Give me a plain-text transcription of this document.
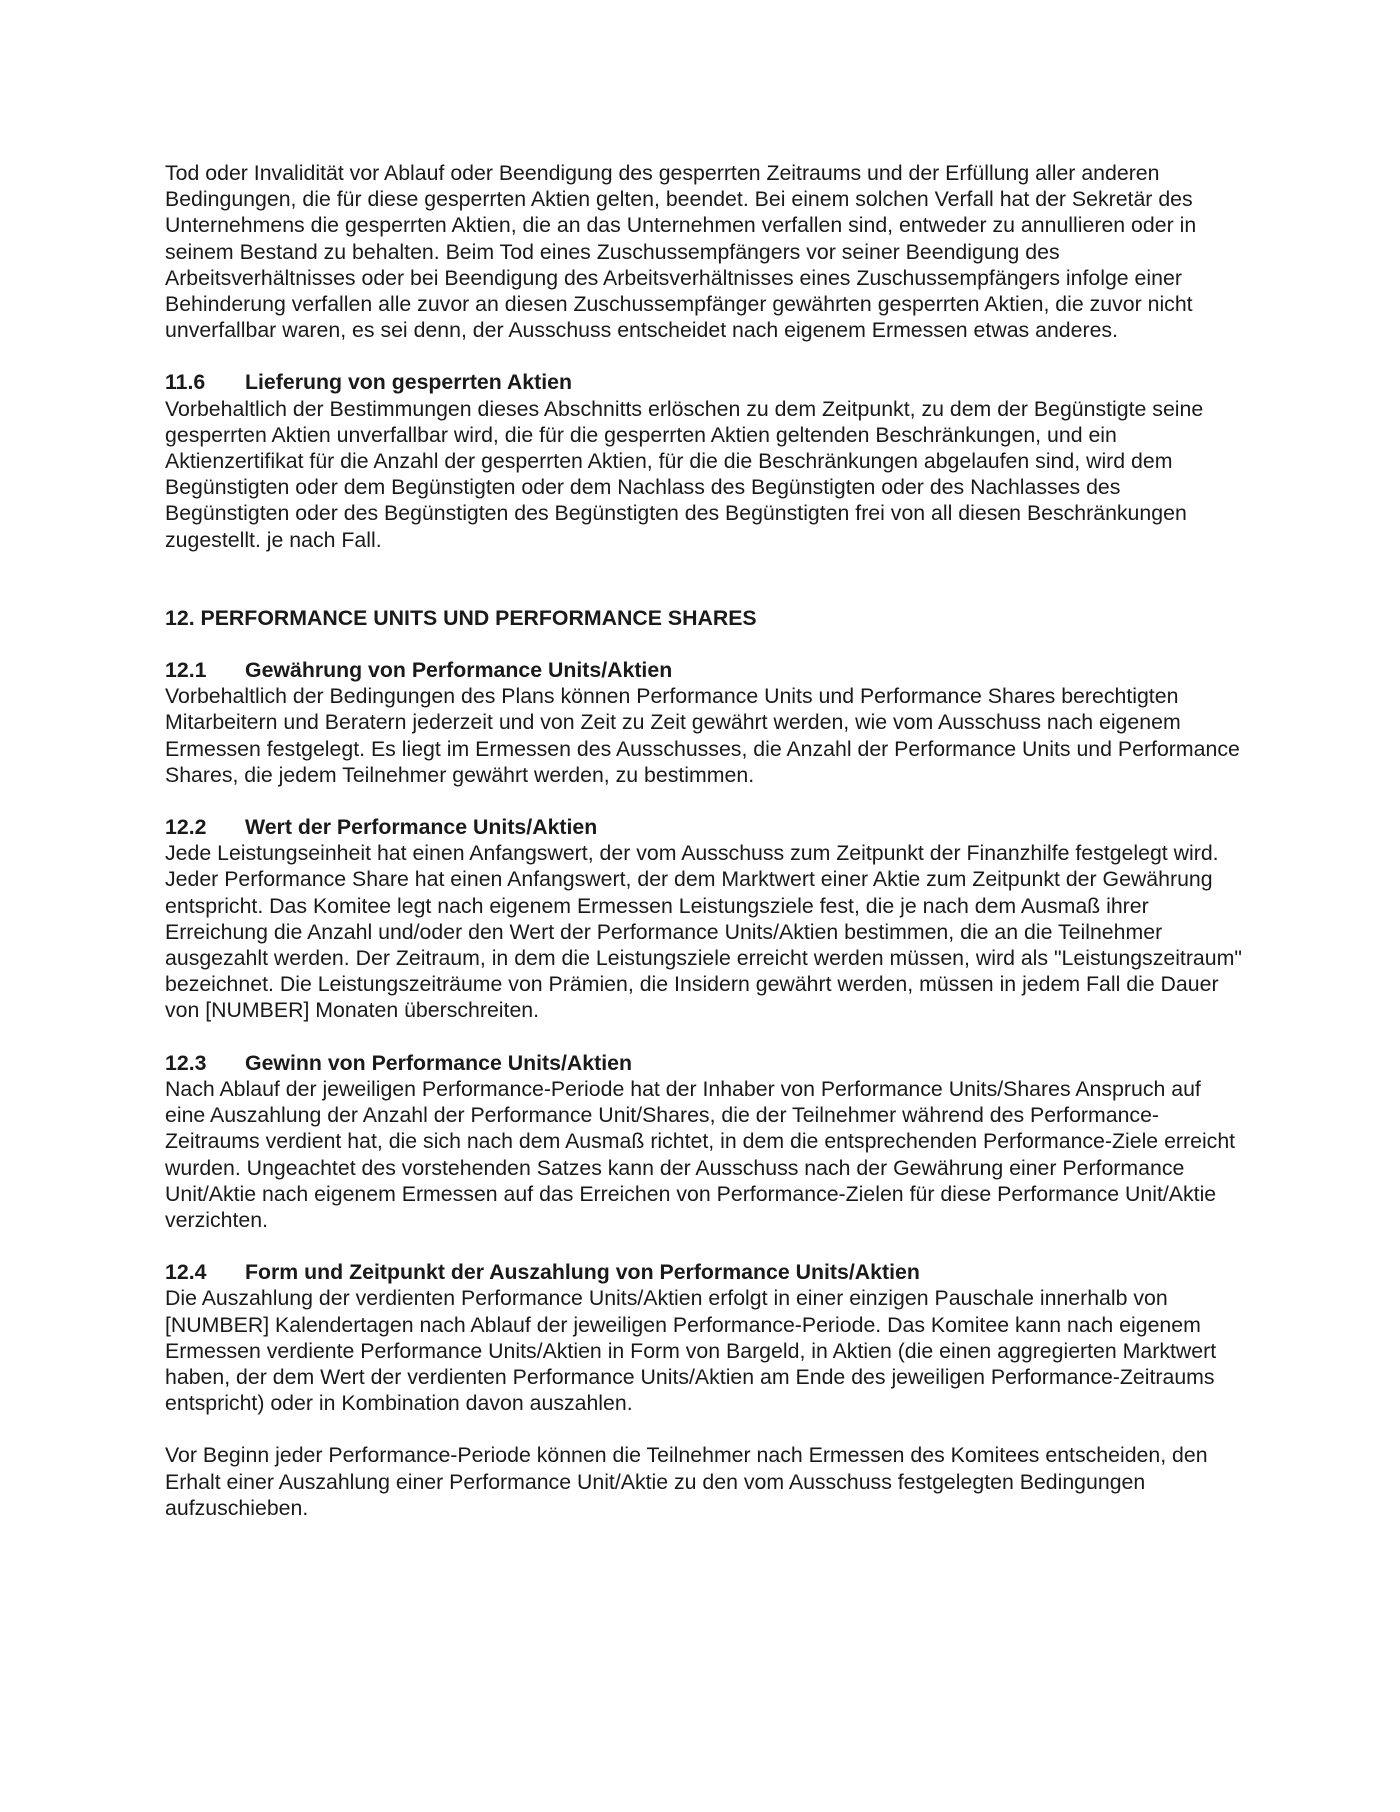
Tod oder Invalidität vor Ablauf oder Beendigung des gesperrten Zeitraums und der Erfüllung aller anderen Bedingungen, die für diese gesperrten Aktien gelten, beendet. Bei einem solchen Verfall hat der Sekretär des Unternehmens die gesperrten Aktien, die an das Unternehmen verfallen sind, entweder zu annullieren oder in seinem Bestand zu behalten. Beim Tod eines Zuschussempfängers vor seiner Beendigung des Arbeitsverhältnisses oder bei Beendigung des Arbeitsverhältnisses eines Zuschussempfängers infolge einer Behinderung verfallen alle zuvor an diesen Zuschussempfänger gewährten gesperrten Aktien, die zuvor nicht unverfallbar waren, es sei denn, der Ausschuss entscheidet nach eigenem Ermessen etwas anderes.

11.6	Lieferung von gesperrten Aktien

Vorbehaltlich der Bestimmungen dieses Abschnitts erlöschen zu dem Zeitpunkt, zu dem der Begünstigte seine gesperrten Aktien unverfallbar wird, die für die gesperrten Aktien geltenden Beschränkungen, und ein Aktienzertifikat für die Anzahl der gesperrten Aktien, für die die Beschränkungen abgelaufen sind, wird dem Begünstigten oder dem Begünstigten oder dem Nachlass des Begünstigten oder des Nachlasses des Begünstigten oder des Begünstigten des Begünstigten des Begünstigten frei von all diesen Beschränkungen zugestellt. je nach Fall.

12. PERFORMANCE UNITS UND PERFORMANCE SHARES
12.1	Gewährung von Performance Units/Aktien

Vorbehaltlich der Bedingungen des Plans können Performance Units und Performance Shares berechtigten Mitarbeitern und Beratern jederzeit und von Zeit zu Zeit gewährt werden, wie vom Ausschuss nach eigenem Ermessen festgelegt. Es liegt im Ermessen des Ausschusses, die Anzahl der Performance Units und Performance Shares, die jedem Teilnehmer gewährt werden, zu bestimmen.

12.2	Wert der Performance Units/Aktien

Jede Leistungseinheit hat einen Anfangswert, der vom Ausschuss zum Zeitpunkt der Finanzhilfe festgelegt wird. Jeder Performance Share hat einen Anfangswert, der dem Marktwert einer Aktie zum Zeitpunkt der Gewährung entspricht. Das Komitee legt nach eigenem Ermessen Leistungsziele fest, die je nach dem Ausmaß ihrer Erreichung die Anzahl und/oder den Wert der Performance Units/Aktien bestimmen, die an die Teilnehmer ausgezahlt werden. Der Zeitraum, in dem die Leistungsziele erreicht werden müssen, wird als "Leistungszeitraum" bezeichnet. Die Leistungszeiträume von Prämien, die Insidern gewährt werden, müssen in jedem Fall die Dauer von [NUMBER] Monaten überschreiten.

12.3	Gewinn von Performance Units/Aktien

Nach Ablauf der jeweiligen Performance-Periode hat der Inhaber von Performance Units/Shares Anspruch auf eine Auszahlung der Anzahl der Performance Unit/Shares, die der Teilnehmer während des Performance-Zeitraums verdient hat, die sich nach dem Ausmaß richtet, in dem die entsprechenden Performance-Ziele erreicht wurden. Ungeachtet des vorstehenden Satzes kann der Ausschuss nach der Gewährung einer Performance Unit/Aktie nach eigenem Ermessen auf das Erreichen von Performance-Zielen für diese Performance Unit/Aktie verzichten.

12.4	Form und Zeitpunkt der Auszahlung von Performance Units/Aktien

Die Auszahlung der verdienten Performance Units/Aktien erfolgt in einer einzigen Pauschale innerhalb von [NUMBER] Kalendertagen nach Ablauf der jeweiligen Performance-Periode. Das Komitee kann nach eigenem Ermessen verdiente Performance Units/Aktien in Form von Bargeld, in Aktien (die einen aggregierten Marktwert haben, der dem Wert der verdienten Performance Units/Aktien am Ende des jeweiligen Performance-Zeitraums entspricht) oder in Kombination davon auszahlen.

Vor Beginn jeder Performance-Periode können die Teilnehmer nach Ermessen des Komitees entscheiden, den Erhalt einer Auszahlung einer Performance Unit/Aktie zu den vom Ausschuss festgelegten Bedingungen aufzuschieben.
